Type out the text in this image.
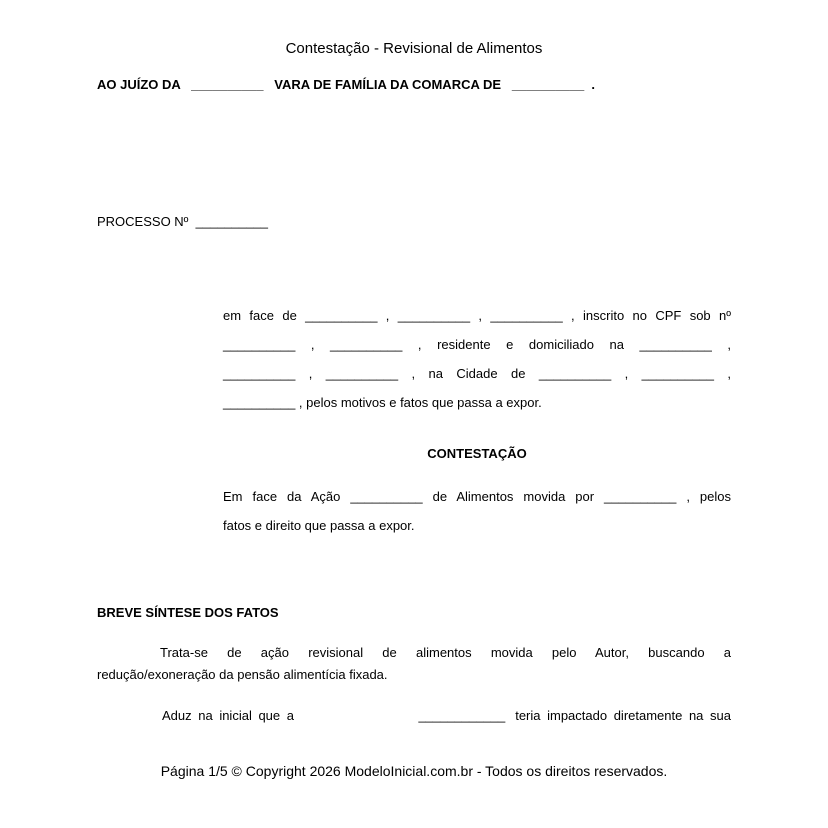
Contestação - Revisional de Alimentos
AO JUÍZO DA   __________   VARA DE FAMÍLIA DA COMARCA DE   __________  .
PROCESSO Nº  __________
em face de __________ , __________ , __________ , inscrito no CPF sob nº
__________ , __________ , residente e domiciliado na __________ ,
__________ , __________ , na Cidade de __________ , __________ ,
__________ , pelos motivos e fatos que passa a expor.
CONTESTAÇÃO
Em face da Ação __________ de Alimentos movida por __________ , pelos
fatos e direito que passa a expor.
BREVE SÍNTESE DOS FATOS
Trata-se de ação revisional de alimentos movida pelo Autor, buscando a
redução/exoneração da pensão alimentícia fixada.
Aduz na inicial que a	____________ teria impactado diretamente na sua
Página 1/5 © Copyright 2026 ModeloInicial.com.br - Todos os direitos reservados.
